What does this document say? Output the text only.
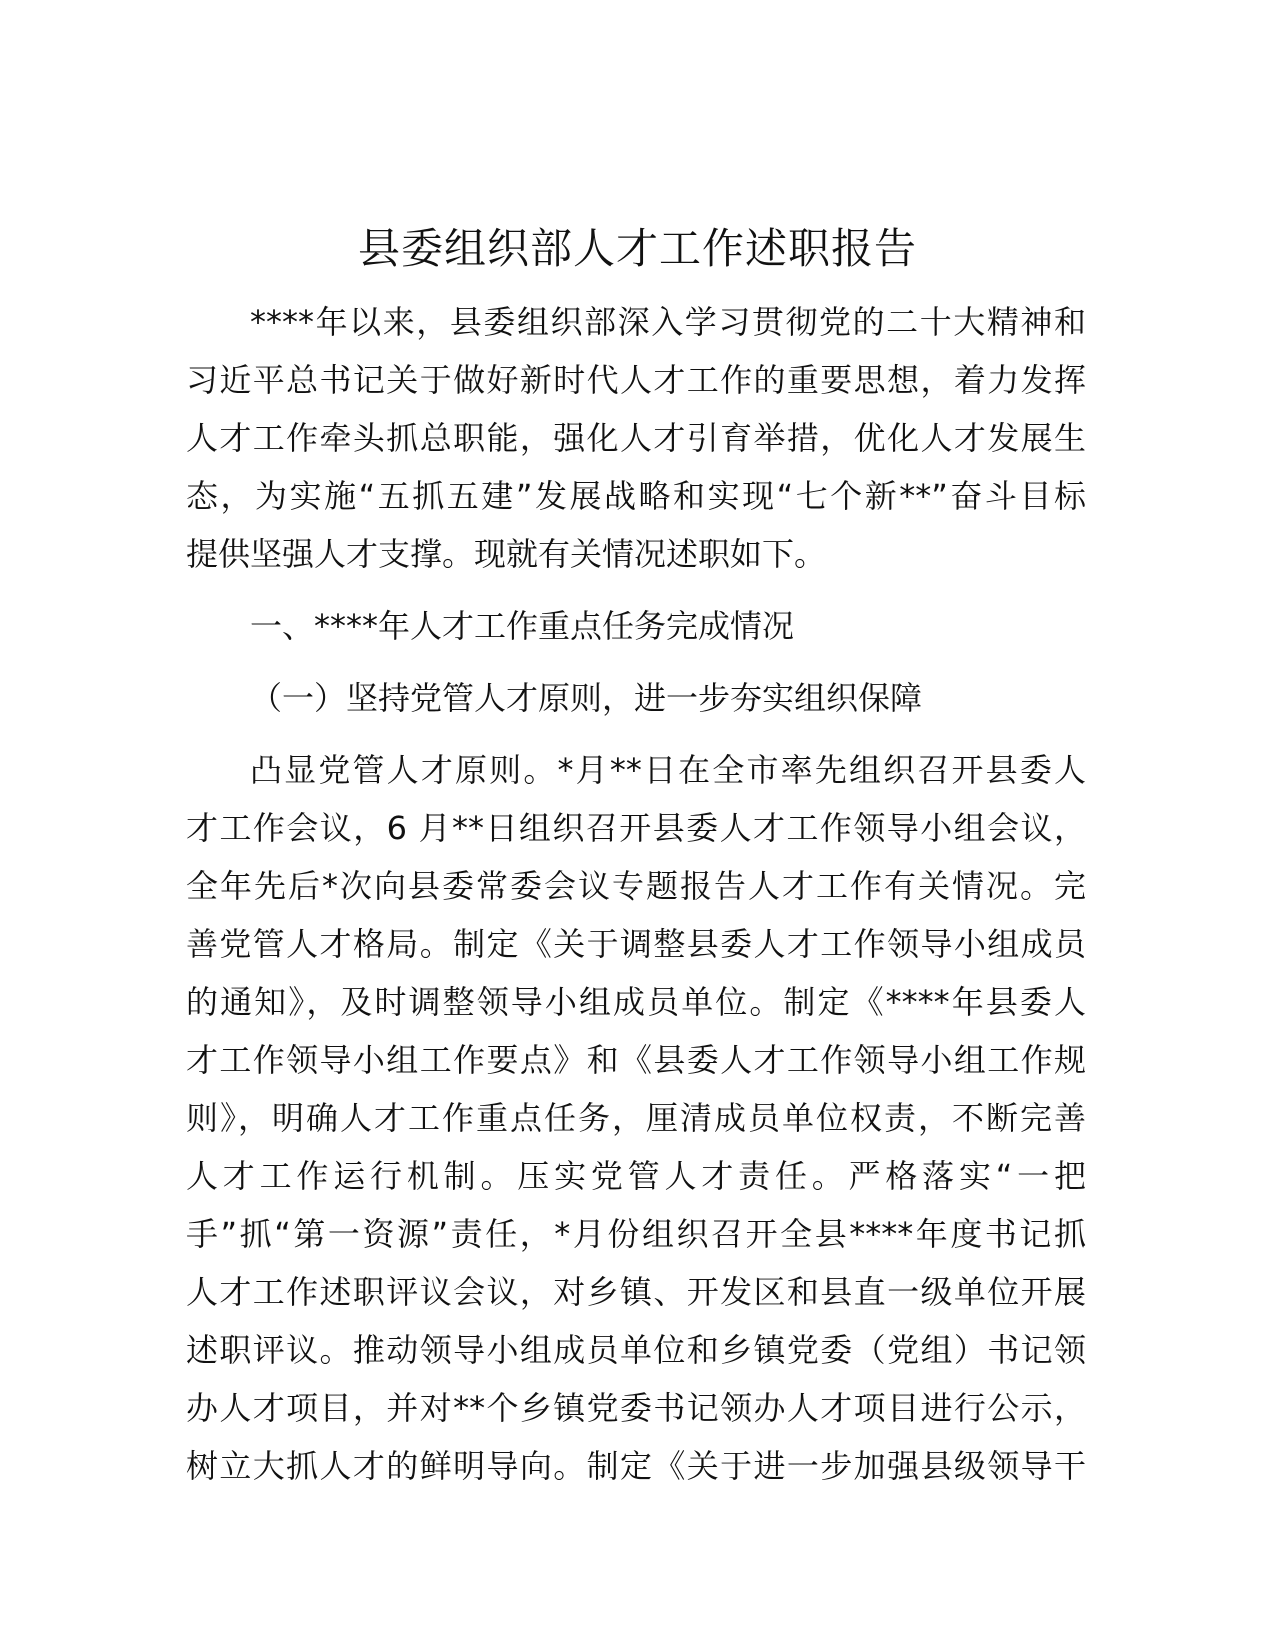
县委组织部人才工作述职报告
****年以来，县委组织部深入学习贯彻党的二十大精神和
习近平总书记关于做好新时代人才工作的重要思想，着力发挥
人才工作牵头抓总职能，强化人才引育举措，优化人才发展生
态，为实施“五抓五建”发展战略和实现“七个新**”奋斗目标
提供坚强人才支撑。现就有关情况述职如下。
一、****年人才工作重点任务完成情况
（一）坚持党管人才原则，进一步夯实组织保障
凸显党管人才原则。*月**日在全市率先组织召开县委人
才工作会议，6 月**日组织召开县委人才工作领导小组会议，
全年先后*次向县委常委会议专题报告人才工作有关情况。完
善党管人才格局。制定《关于调整县委人才工作领导小组成员
的通知》，及时调整领导小组成员单位。制定《****年县委人
才工作领导小组工作要点》和《县委人才工作领导小组工作规
则》，明确人才工作重点任务，厘清成员单位权责，不断完善
人才工作运行机制。压实党管人才责任。严格落实“一把
手”抓“第一资源”责任，*月份组织召开全县****年度书记抓
人才工作述职评议会议，对乡镇、开发区和县直一级单位开展
述职评议。推动领导小组成员单位和乡镇党委（党组）书记领
办人才项目，并对**个乡镇党委书记领办人才项目进行公示，
树立大抓人才的鲜明导向。制定《关于进一步加强县级领导干
